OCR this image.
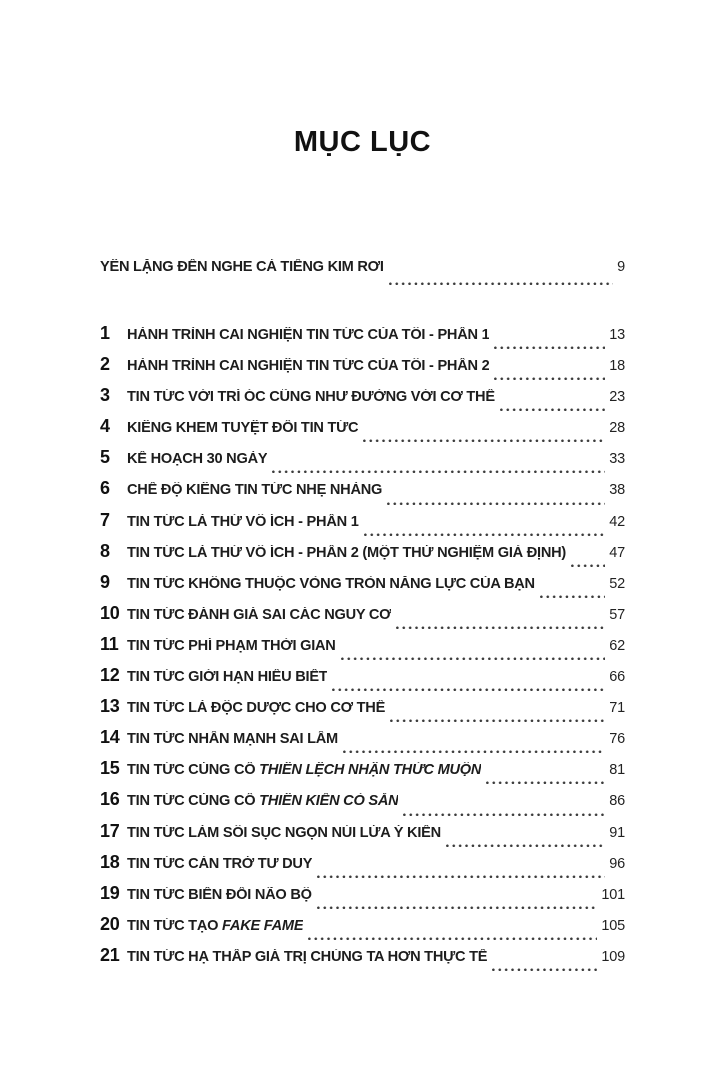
MỤC LỤC
YÊN LẶNG ĐẾN NGHE CẢ TIẾNG KIM RƠI	9
1	HÀNH TRÌNH CAI NGHIỆN TIN TỨC CỦA TÔI - PHẦN 1	13
2	HÀNH TRÌNH CAI NGHIỆN TIN TỨC CỦA TÔI - PHẦN 2	18
3	TIN TỨC VỚI TRÍ ÓC CŨNG NHƯ ĐƯỜNG VỚI CƠ THỂ	23
4	KIÊNG KHEM TUYỆT ĐỐI TIN TỨC	28
5	KẾ HOẠCH 30 NGÀY	33
6	CHẾ ĐỘ KIÊNG TIN TỨC NHẸ NHÀNG	38
7	TIN TỨC LÀ THỨ VÔ ÍCH - PHẦN 1	42
8	TIN TỨC LÀ THỨ VÔ ÍCH - PHẦN 2 (MỘT THỬ NGHIỆM GIẢ ĐỊNH)	47
9	TIN TỨC KHÔNG THUỘC VÒNG TRÒN NĂNG LỰC CỦA BẠN	52
10 TIN TỨC ĐÁNH GIÁ SAI CÁC NGUY CƠ	57
11 TIN TỨC PHÍ PHẠM THỜI GIAN	62
12 TIN TỨC GIỚI HẠN HIỂU BIẾT	66
13 TIN TỨC LÀ ĐỘC DƯỢC CHO CƠ THỂ	71
14 TIN TỨC NHẤN MẠNH SAI LẦM	76
15 TIN TỨC CỦNG CỐ THIÊN LỆCH NHẬN THỨC MUỘN	81
16 TIN TỨC CỦNG CỐ THIÊN KIẾN CÓ SẴN	86
17 TIN TỨC LÀM SÔI SỤC NGỌN NÚI LỬA Ý KIẾN	91
18 TIN TỨC CẢN TRỞ TƯ DUY	96
19 TIN TỨC BIẾN ĐỔI NÃO BỘ	101
20 TIN TỨC TẠO FAKE FAME	105
21 TIN TỨC HẠ THẤP GIÁ TRỊ CHÚNG TA HƠN THỰC TẾ	109
